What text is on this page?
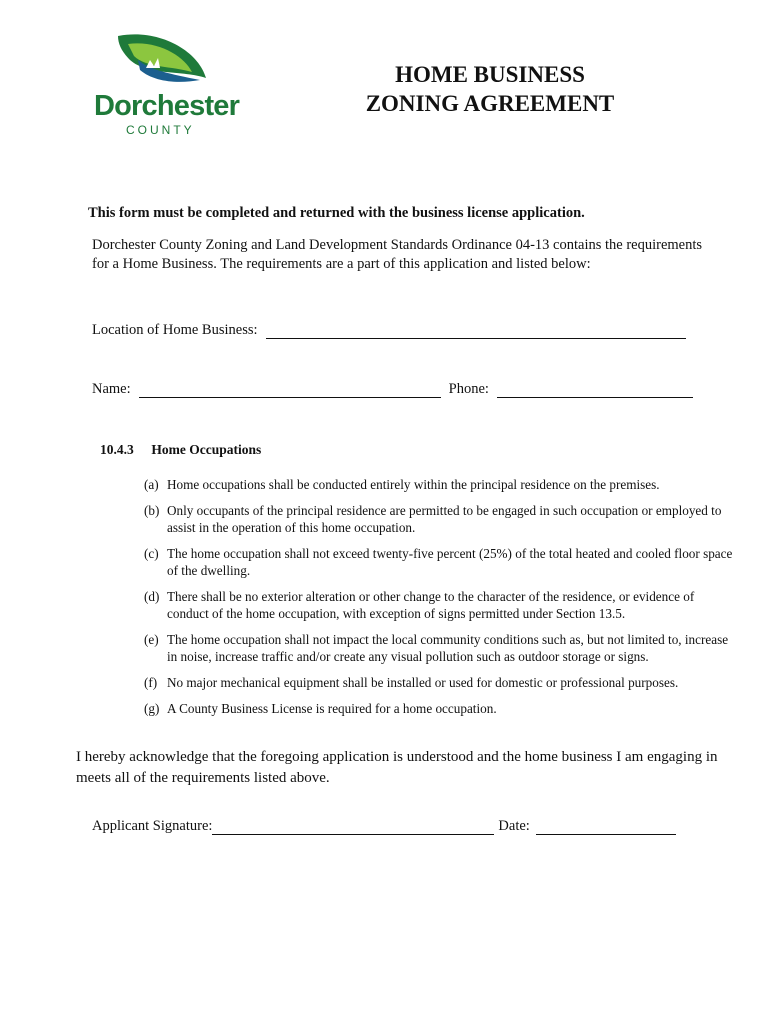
Dorchester
COUNTY
HOME BUSINESS
ZONING AGREEMENT
This form must be completed and returned with the business license application.
Dorchester County Zoning and Land Development Standards Ordinance 04-13 contains the requirements for a Home Business. The requirements are a part of this application and listed below:
Location of Home Business:
Name:	Phone:
10.4.3 Home Occupations
(a) Home occupations shall be conducted entirely within the principal residence on the premises.
(b) Only occupants of the principal residence are permitted to be engaged in such occupation or employed to assist in the operation of this home occupation.
(c) The home occupation shall not exceed twenty-five percent (25%) of the total heated and cooled floor space of the dwelling.
(d) There shall be no exterior alteration or other change to the character of the residence, or evidence of conduct of the home occupation, with exception of signs permitted under Section 13.5.
(e) The home occupation shall not impact the local community conditions such as, but not limited to, increase in noise, increase traffic and/or create any visual pollution such as outdoor storage or signs.
(f) No major mechanical equipment shall be installed or used for domestic or professional purposes.
(g) A County Business License is required for a home occupation.
I hereby acknowledge that the foregoing application is understood and the home business I am engaging in meets all of the requirements listed above.
Applicant Signature:	Date:
